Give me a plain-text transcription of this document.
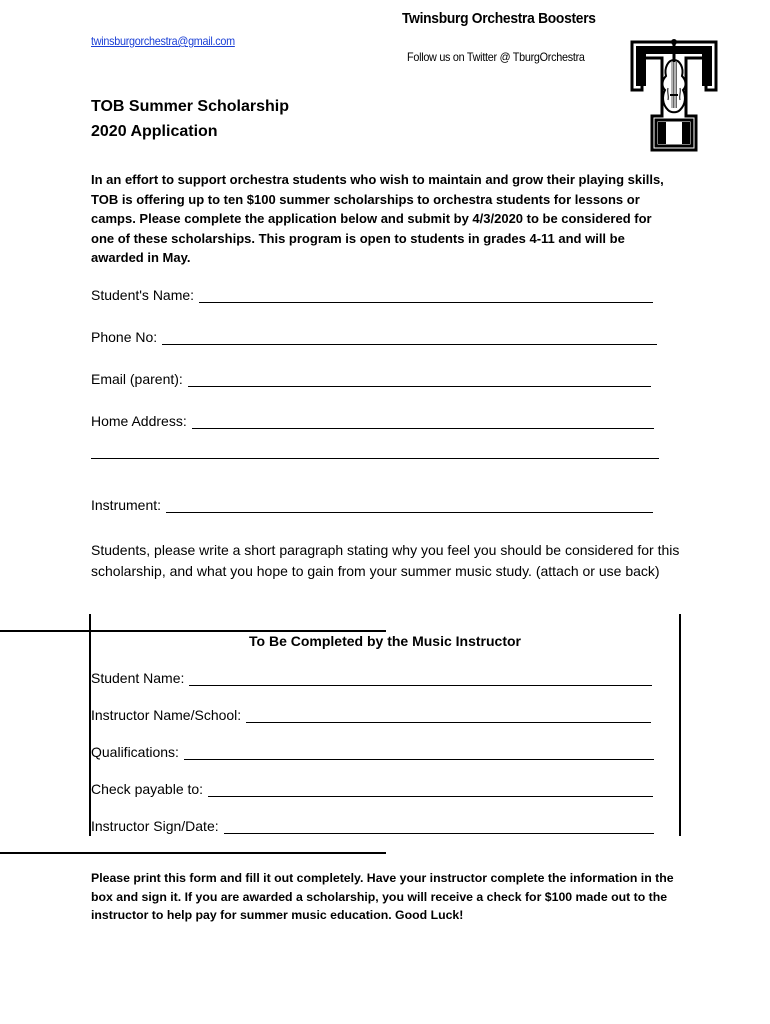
Twinsburg Orchestra Boosters
twinsburgorchestra@gmail.com
Follow us on Twitter @ TburgOrchestra
TOB Summer Scholarship
2020 Application
In an effort to support orchestra students who wish to maintain and grow their playing skills, TOB is offering up to ten $100 summer scholarships to orchestra students for lessons or camps. Please complete the application below and submit by 4/3/2020 to be considered for one of these scholarships. This program is open to students in grades 4-11 and will be awarded in May.
Student's Name:
Phone No:
Email (parent):
Home Address:
Instrument:
Students, please write a short paragraph stating why you feel you should be considered for this scholarship, and what you hope to gain from your summer music study. (attach or use back)
To Be Completed by the Music Instructor
Student Name:
Instructor Name/School:
Qualifications:
Check payable to:
Instructor Sign/Date:
Please print this form and fill it out completely. Have your instructor complete the information in the box and sign it. If you are awarded a scholarship, you will receive a check for $100 made out to the instructor to help pay for summer music education. Good Luck!
